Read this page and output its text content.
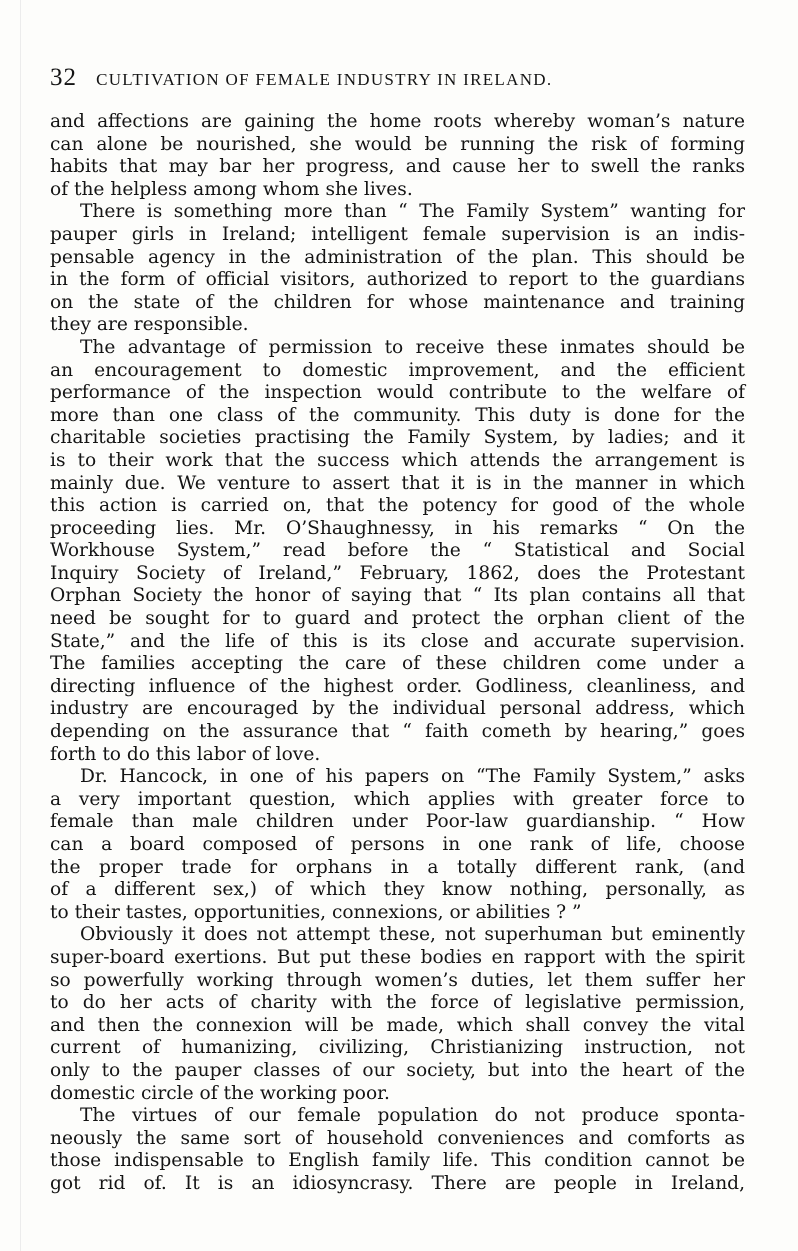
32 CULTIVATION OF FEMALE INDUSTRY IN IRELAND.
and affections are gaining the home roots whereby woman’s nature
can alone be nourished, she would be running the risk of forming
habits that may bar her progress, and cause her to swell the ranks
of the helpless among whom she lives.
There is something more than “ The Family System” wanting for
pauper girls in Ireland; intelligent female supervision is an indis-
pensable agency in the administration of the plan. This should be
in the form of official visitors, authorized to report to the guardians
on the state of the children for whose maintenance and training
they are responsible.
The advantage of permission to receive these inmates should be
an encouragement to domestic improvement, and the efficient
performance of the inspection would contribute to the welfare of
more than one class of the community. This duty is done for the
charitable societies practising the Family System, by ladies; and it
is to their work that the success which attends the arrangement is
mainly due. We venture to assert that it is in the manner in which
this action is carried on, that the potency for good of the whole
proceeding lies. Mr. O’Shaughnessy, in his remarks “ On the
Workhouse System,” read before the “ Statistical and Social
Inquiry Society of Ireland,” February, 1862, does the Protestant
Orphan Society the honor of saying that “ Its plan contains all that
need be sought for to guard and protect the orphan client of the
State,” and the life of this is its close and accurate supervision.
The families accepting the care of these children come under a
directing influence of the highest order. Godliness, cleanliness, and
industry are encouraged by the individual personal address, which
depending on the assurance that “ faith cometh by hearing,” goes
forth to do this labor of love.
Dr. Hancock, in one of his papers on “The Family System,” asks
a very important question, which applies with greater force to
female than male children under Poor-law guardianship. “ How
can a board composed of persons in one rank of life, choose
the proper trade for orphans in a totally different rank, (and
of a different sex,) of which they know nothing, personally, as
to their tastes, opportunities, connexions, or abilities ? ”
Obviously it does not attempt these, not superhuman but eminently
super-board exertions. But put these bodies en rapport with the spirit
so powerfully working through women’s duties, let them suffer her
to do her acts of charity with the force of legislative permission,
and then the connexion will be made, which shall convey the vital
current of humanizing, civilizing, Christianizing instruction, not
only to the pauper classes of our society, but into the heart of the
domestic circle of the working poor.
The virtues of our female population do not produce sponta-
neously the same sort of household conveniences and comforts as
those indispensable to English family life. This condition cannot be
got rid of. It is an idiosyncrasy. There are people in Ireland,
